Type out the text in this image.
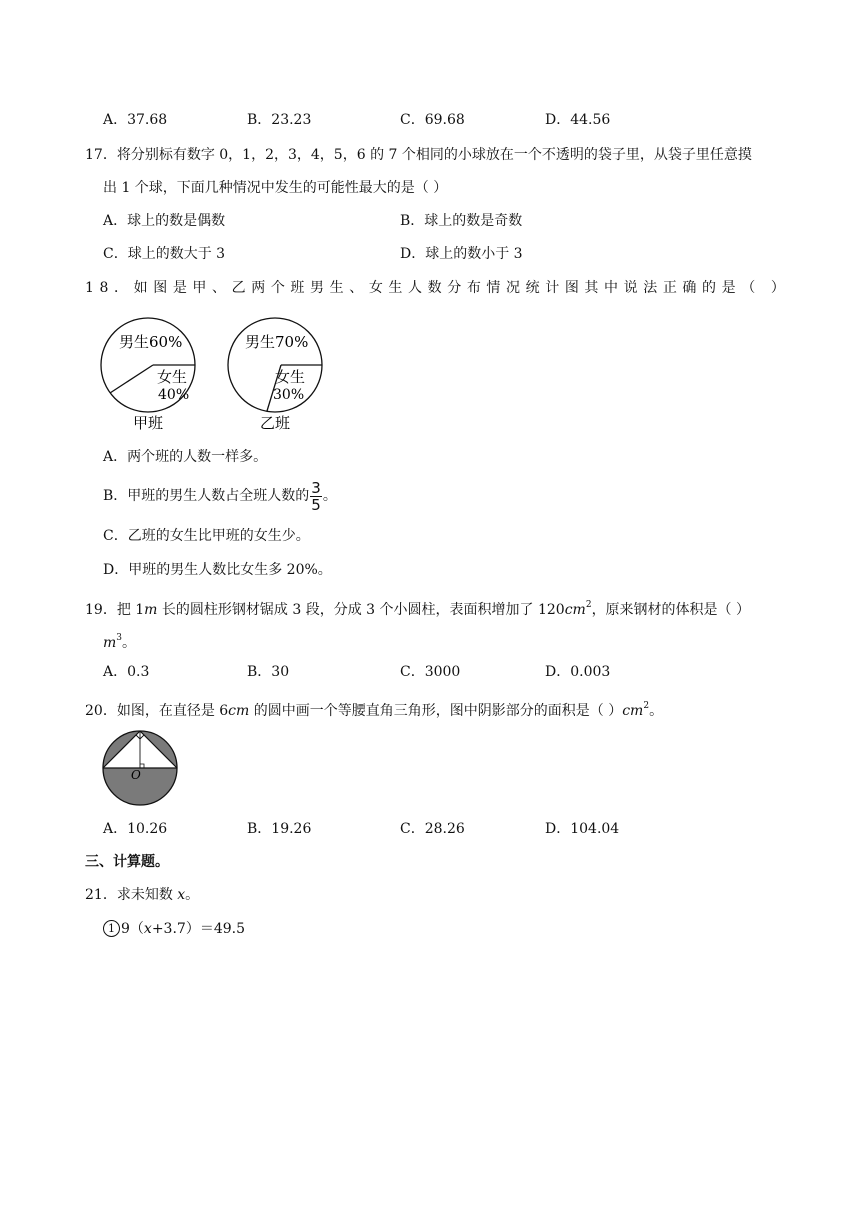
A．37.68	B．23.23	C．69.68	D．44.56
17．将分别标有数字 0，1，2，3，4，5，6 的 7 个相同的小球放在一个不透明的袋子里，从袋子里任意摸
出 1 个球，下面几种情况中发生的可能性最大的是（ ）
A．球上的数是偶数	B．球上的数是奇数
C．球上的数大于 3	D．球上的数小于 3
18．如图是甲、乙两个班男生、女生人数分布情况统计图其中说法正确的是（ ）
男生60%
女生
40%
甲班
男生70%
女生
30%
乙班
A．两个班的人数一样多。
B．甲班的男生人数占全班人数的 $\frac{3}{5}$ 。
C．乙班的女生比甲班的女生少。
D．甲班的男生人数比女生多 20%。
19．把 1m 长的圆柱形钢材锯成 3 段，分成 3 个小圆柱，表面积增加了 $120cm^2$，原来钢材的体积是（ ）
$m^3$。
A．0.3	B．30	C．3000	D．0.003
20．如图，在直径是 6cm 的圆中画一个等腰直角三角形，图中阴影部分的面积是（ ）$cm^2$。
O
A．10.26	B．19.26	C．28.26	D．104.04
三、计算题。
21．求未知数 x。
1 9（x+3.7）＝49.5
